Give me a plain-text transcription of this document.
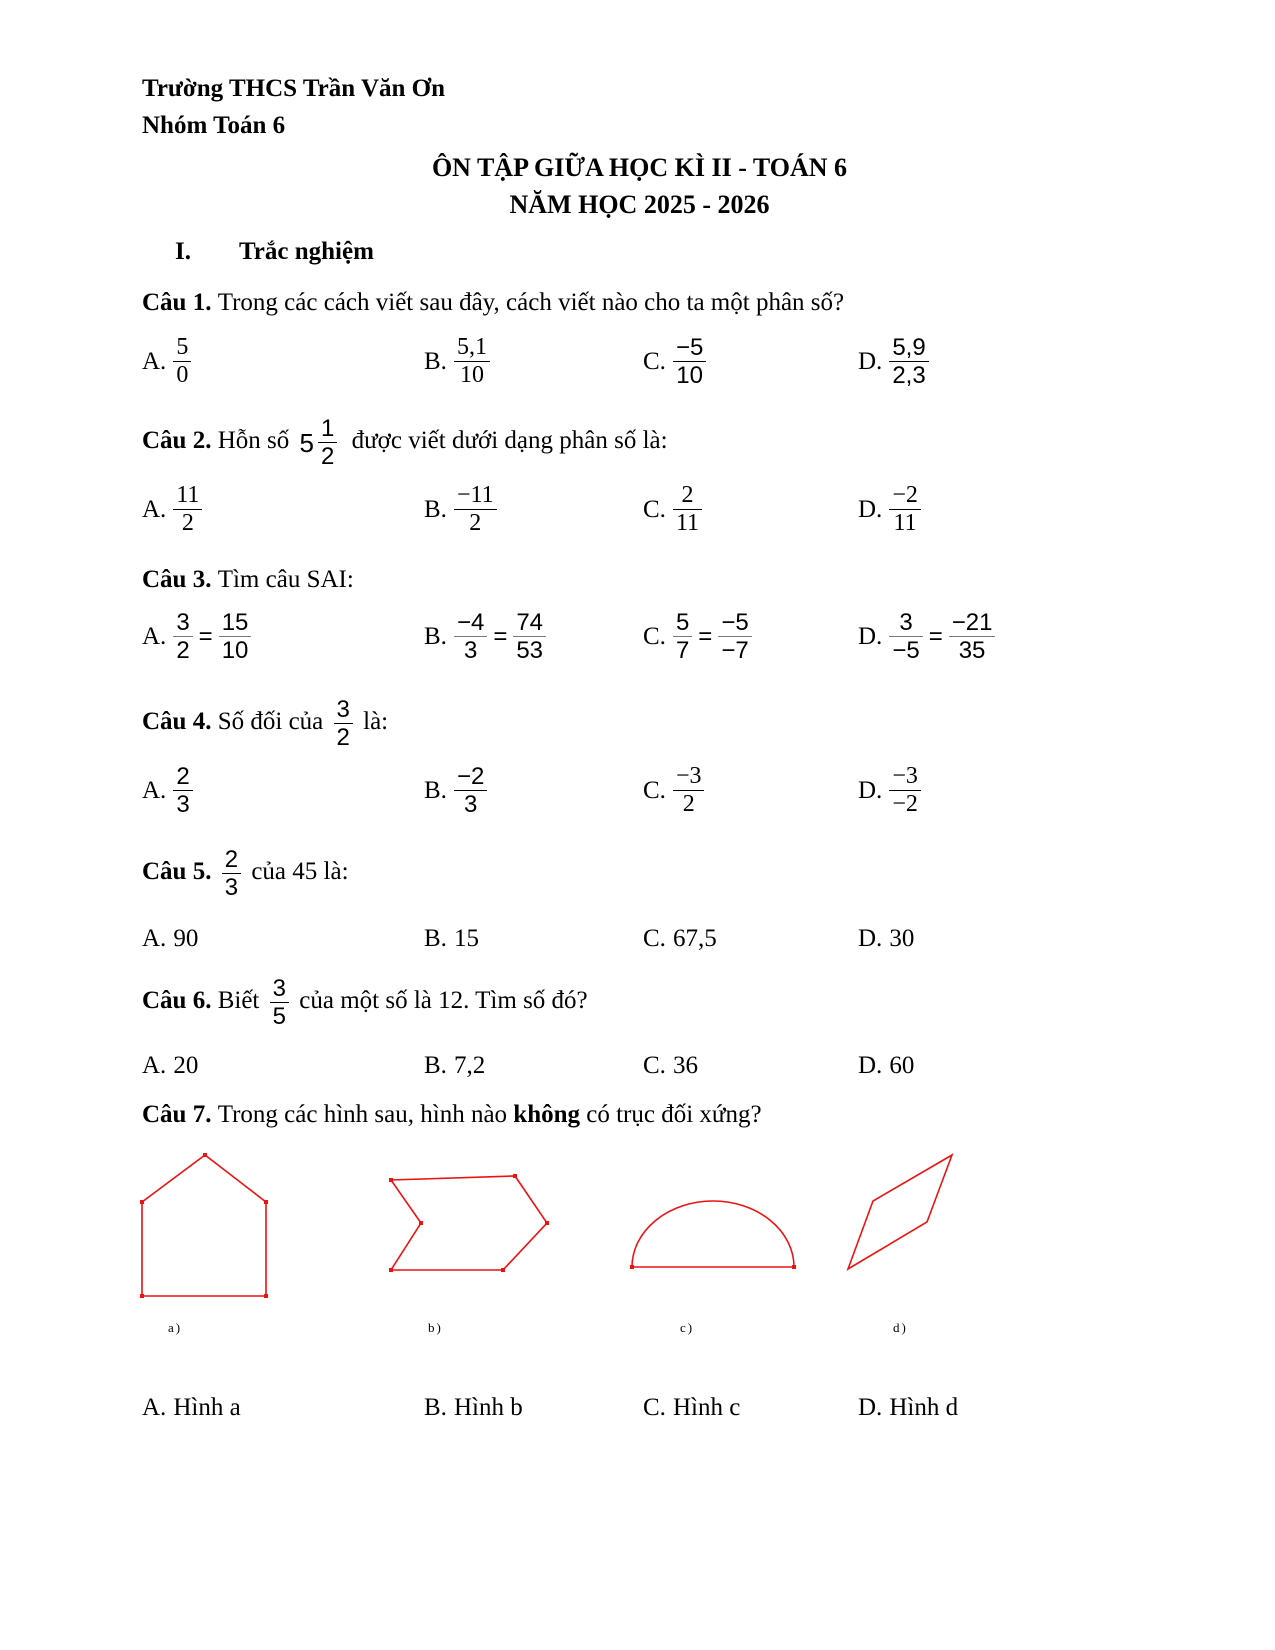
Trường THCS Trần Văn Ơn
Nhóm Toán 6
ÔN TẬP GIỮA HỌC KÌ II - TOÁN 6
NĂM HỌC 2025 - 2026
I. Trắc nghiệm
Câu 1. Trong các cách viết sau đây, cách viết nào cho ta một phân số?
A. $\frac{5}{0}$	B. $\frac{5,1}{10}$	C. $\frac{-5}{10}$	D. $\frac{5,9}{2,3}$
Câu 2. Hỗn số $5 \frac{1}{2}$ được viết dưới dạng phân số là:
A. $\frac{11}{2}$	B. $\frac{-11}{2}$	C. $\frac{2}{11}$	D. $\frac{-2}{11}$
Câu 3. Tìm câu SAI:
A. $\frac{3}{2} = \frac{15}{10}$	B. $\frac{-4}{3} = \frac{74}{53}$	C. $\frac{5}{7} = \frac{-5}{-7}$	D. $\frac{3}{-5} = \frac{-21}{35}$
Câu 4. Số đối của $\frac{3}{2}$ là:
A. $\frac{2}{3}$	B. $\frac{-2}{3}$	C. $\frac{-3}{2}$	D. $\frac{-3}{-2}$
Câu 5. $\frac{2}{3}$ của 45 là:
A. 90	B. 15	C. 67,5	D. 30
Câu 6. Biết $\frac{3}{5}$ của một số là 12. Tìm số đó?
A. 20	B. 7,2	C. 36	D. 60
Câu 7. Trong các hình sau, hình nào không có trục đối xứng?
a)	b)	c)	d)
A. Hình a	B. Hình b	C. Hình c	D. Hình d
